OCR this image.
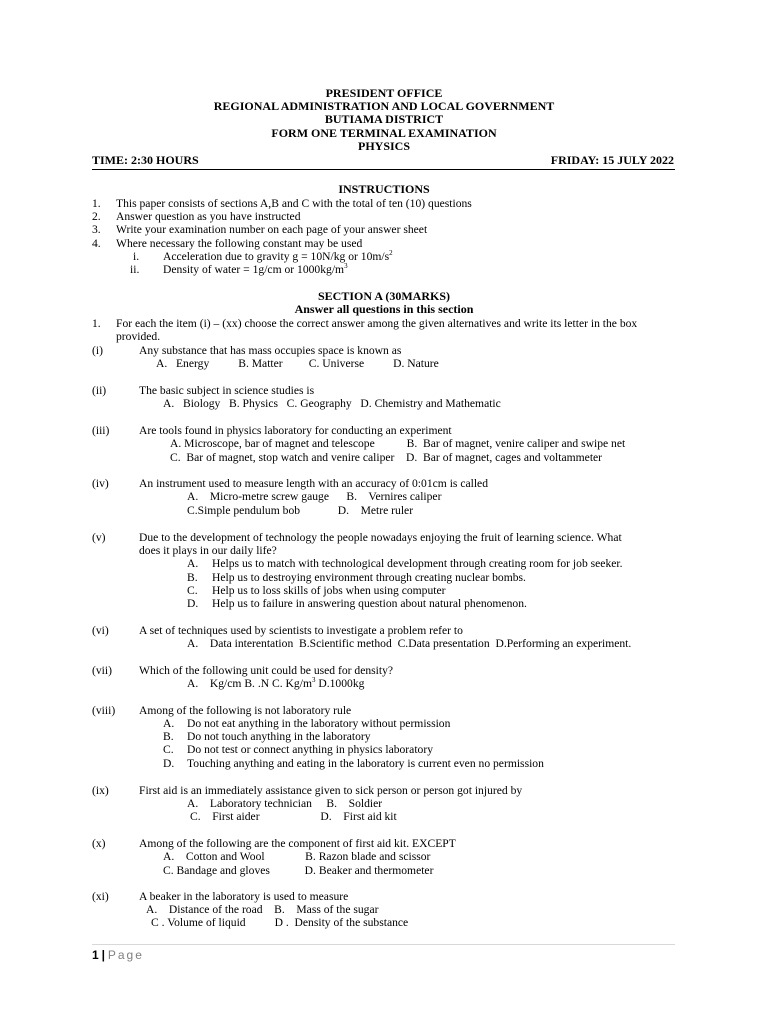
PRESIDENT OFFICE
REGIONAL ADMINISTRATION AND LOCAL GOVERNMENT
BUTIAMA DISTRICT
FORM ONE TERMINAL EXAMINATION
PHYSICS
TIME: 2:30 HOURS	FRIDAY: 15 JULY 2022
INSTRUCTIONS
1. This paper consists of sections A,B and C with the total of ten (10) questions
2. Answer question as you have instructed
3. Write your examination number on each page of your answer sheet
4. Where necessary the following constant may be used
i. Acceleration due to gravity g = 10N/kg or $10m/s^2$
ii. Density of water = 1g/cm or $1000kg/m^3$
SECTION A (30MARKS)
Answer all questions in this section
1. For each the item (i) – (xx) choose the correct answer among the given alternatives and write its letter in the box provided.
(i)	Any substance that has mass occupies space is known as
A.   Energy          B. Matter         C. Universe          D. Nature
(ii)	The basic subject in science studies is
A.   Biology   B. Physics   C. Geography   D. Chemistry and Mathematic
(iii)	Are tools found in physics laboratory for conducting an experiment
A. Microscope, bar of magnet and telescope           B.  Bar of magnet, venire caliper and swipe net
C.  Bar of magnet, stop watch and venire caliper    D.  Bar of magnet, cages and voltammeter
(iv)	An instrument used to measure length with an accuracy of 0:01cm is called
A.    Micro-metre screw gauge      B.    Vernires caliper
C.Simple pendulum bob             D.    Metre ruler
(v)	Due to the development of technology the people nowadays enjoying the fruit of learning science. What
does it plays in our daily life?
A. Helps us to match with technological development through creating room for job seeker.
B. Help us to destroying environment through creating nuclear bombs.
C. Help us to loss skills of jobs when using computer
D. Help us to failure in answering question about natural phenomenon.
(vi)	A set of techniques used by scientists to investigate a problem refer to
A.    Data interentation  B.Scientific method  C.Data presentation  D.Performing an experiment.
(vii) Which of the following unit could be used for density?
A.    Kg/cm B. .N C. $Kg/m^3$ D.1000kg
(viii) Among of the following is not laboratory rule
A. Do not eat anything in the laboratory without permission
B. Do not touch anything in the laboratory
C. Do not test or connect anything in physics laboratory
D. Touching anything and eating in the laboratory is current even no permission
(ix)	First aid is an immediately assistance given to sick person or person got injured by
A.    Laboratory technician     B.    Soldier
C.    First aider                     D.    First aid kit
(x)	Among of the following are the component of first aid kit. EXCEPT
A.    Cotton and Wool              B. Razon blade and scissor
C. Bandage and gloves            D. Beaker and thermometer
(xi)	A beaker in the laboratory is used to measure
A.    Distance of the road    B.    Mass of the sugar
C . Volume of liquid          D .  Density of the substance
1 | Page
